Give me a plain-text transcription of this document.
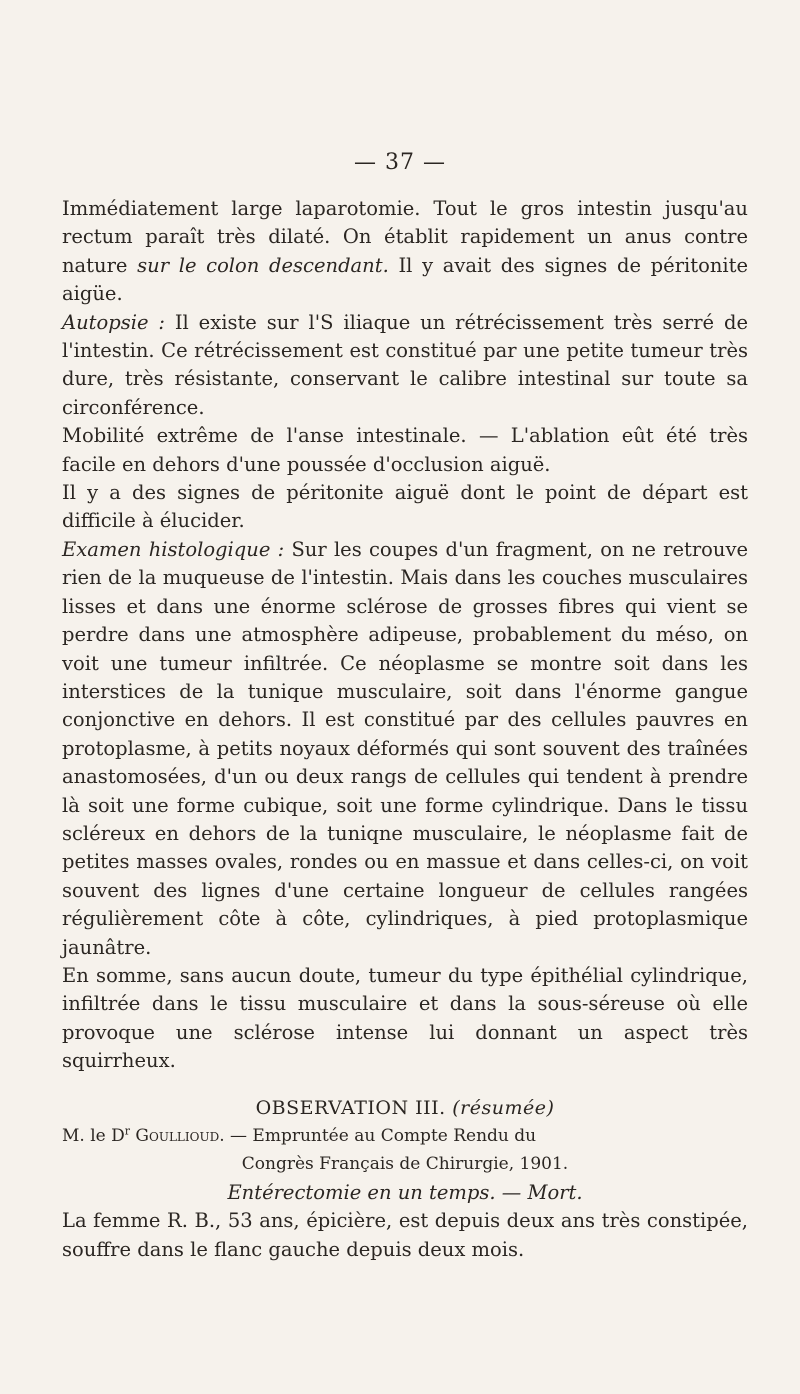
— 37 —

Immédiatement large laparotomie. Tout le gros intestin jusqu'au rectum paraît très dilaté. On établit rapidement un anus contre nature sur le colon descendant. Il y avait des signes de péritonite aigüe.

Autopsie : Il existe sur l'S iliaque un rétrécissement très serré de l'intestin. Ce rétrécissement est constitué par une petite tumeur très dure, très résistante, conservant le calibre intestinal sur toute sa circonférence.

Mobilité extrême de l'anse intestinale. — L'ablation eût été très facile en dehors d'une poussée d'occlusion aiguë.

Il y a des signes de péritonite aiguë dont le point de départ est difficile à élucider.

Examen histologique : Sur les coupes d'un fragment, on ne retrouve rien de la muqueuse de l'intestin. Mais dans les couches musculaires lisses et dans une énorme sclérose de grosses fibres qui vient se perdre dans une atmosphère adipeuse, probablement du méso, on voit une tumeur infiltrée. Ce néoplasme se montre soit dans les interstices de la tunique musculaire, soit dans l'énorme gangue conjonctive en dehors. Il est constitué par des cellules pauvres en protoplasme, à petits noyaux déformés qui sont souvent des traînées anastomosées, d'un ou deux rangs de cellules qui tendent à prendre là soit une forme cubique, soit une forme cylindrique. Dans le tissu scléreux en dehors de la tuniqne musculaire, le néoplasme fait de petites masses ovales, rondes ou en massue et dans celles-ci, on voit souvent des lignes d'une certaine longueur de cellules rangées régulièrement côte à côte, cylindriques, à pied protoplasmique jaunâtre.

En somme, sans aucun doute, tumeur du type épithélial cylindrique, infiltrée dans le tissu musculaire et dans la sous-séreuse où elle provoque une sclérose intense lui donnant un aspect très squirrheux.

OBSERVATION III. (résumée)

M. le $D^r$ Goullioud. — Empruntée au Compte Rendu du

Congrès Français de Chirurgie, 1901.

Entérectomie en un temps. — Mort.

La femme R. B., 53 ans, épicière, est depuis deux ans très constipée, souffre dans le flanc gauche depuis deux mois.
